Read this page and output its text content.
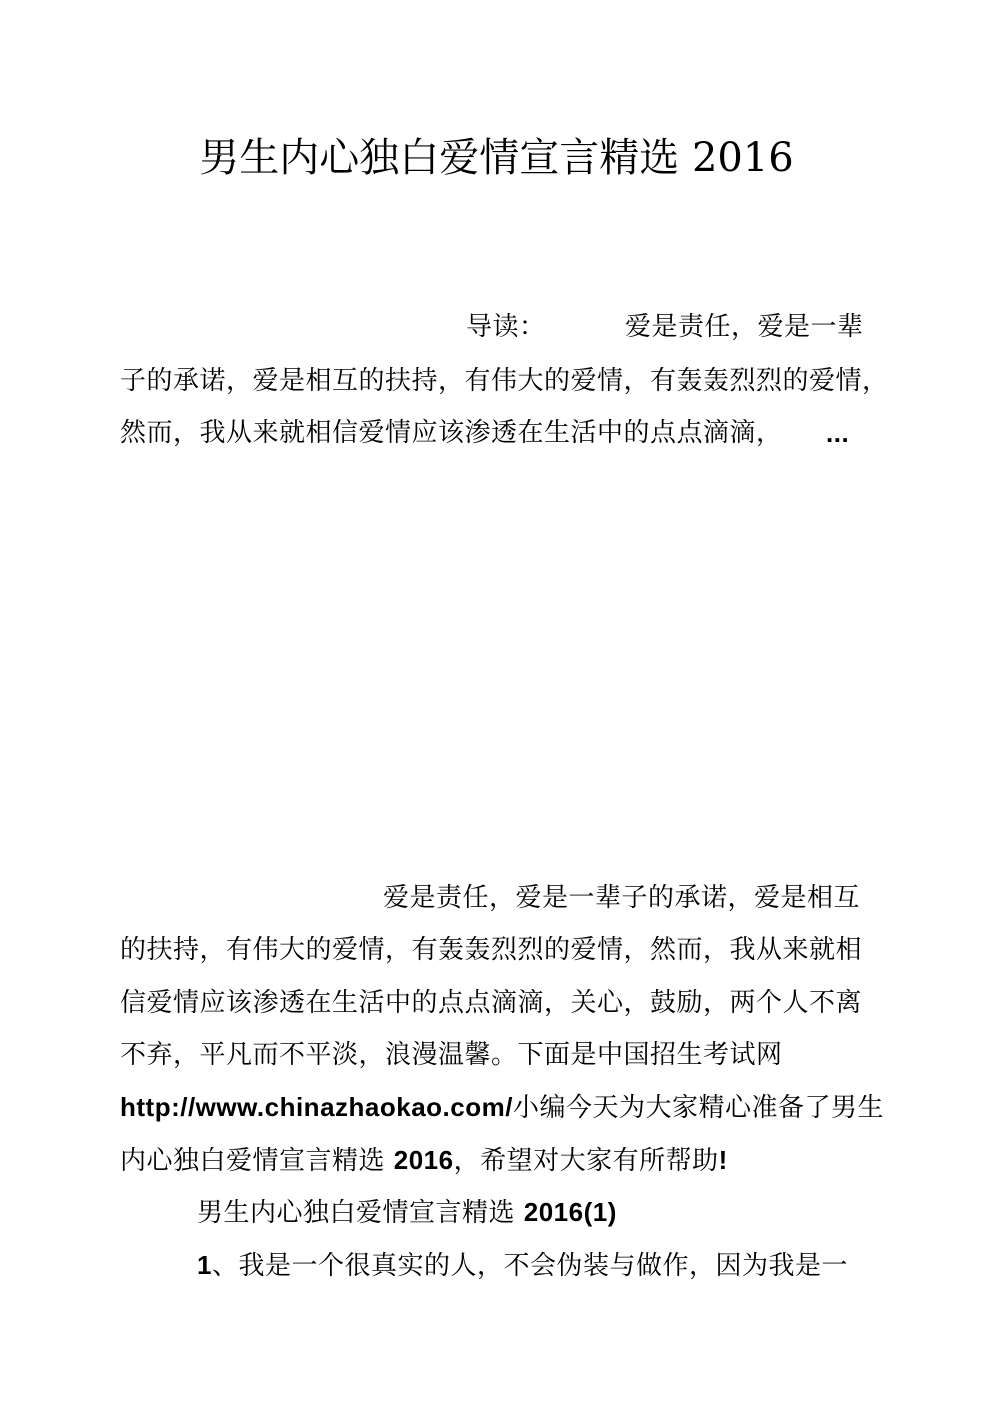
男生内心独白爱情宣言精选 2016
导读：	爱是责任，爱是一辈
子的承诺，爱是相互的扶持，有伟大的爱情，有轰轰烈烈的爱情，
然而，我从来就相信爱情应该渗透在生活中的点点滴滴， ...
爱是责任，爱是一辈子的承诺，爱是相互
的扶持，有伟大的爱情，有轰轰烈烈的爱情，然而，我从来就相
信爱情应该渗透在生活中的点点滴滴，关心，鼓励，两个人不离
不弃，平凡而不平淡，浪漫温馨。下面是中国招生考试网
http://www.chinazhaokao.com/小编今天为大家精心准备了男生
内心独白爱情宣言精选 2016，希望对大家有所帮助!
男生内心独白爱情宣言精选 2016(1)
1、我是一个很真实的人，不会伪装与做作，因为我是一
